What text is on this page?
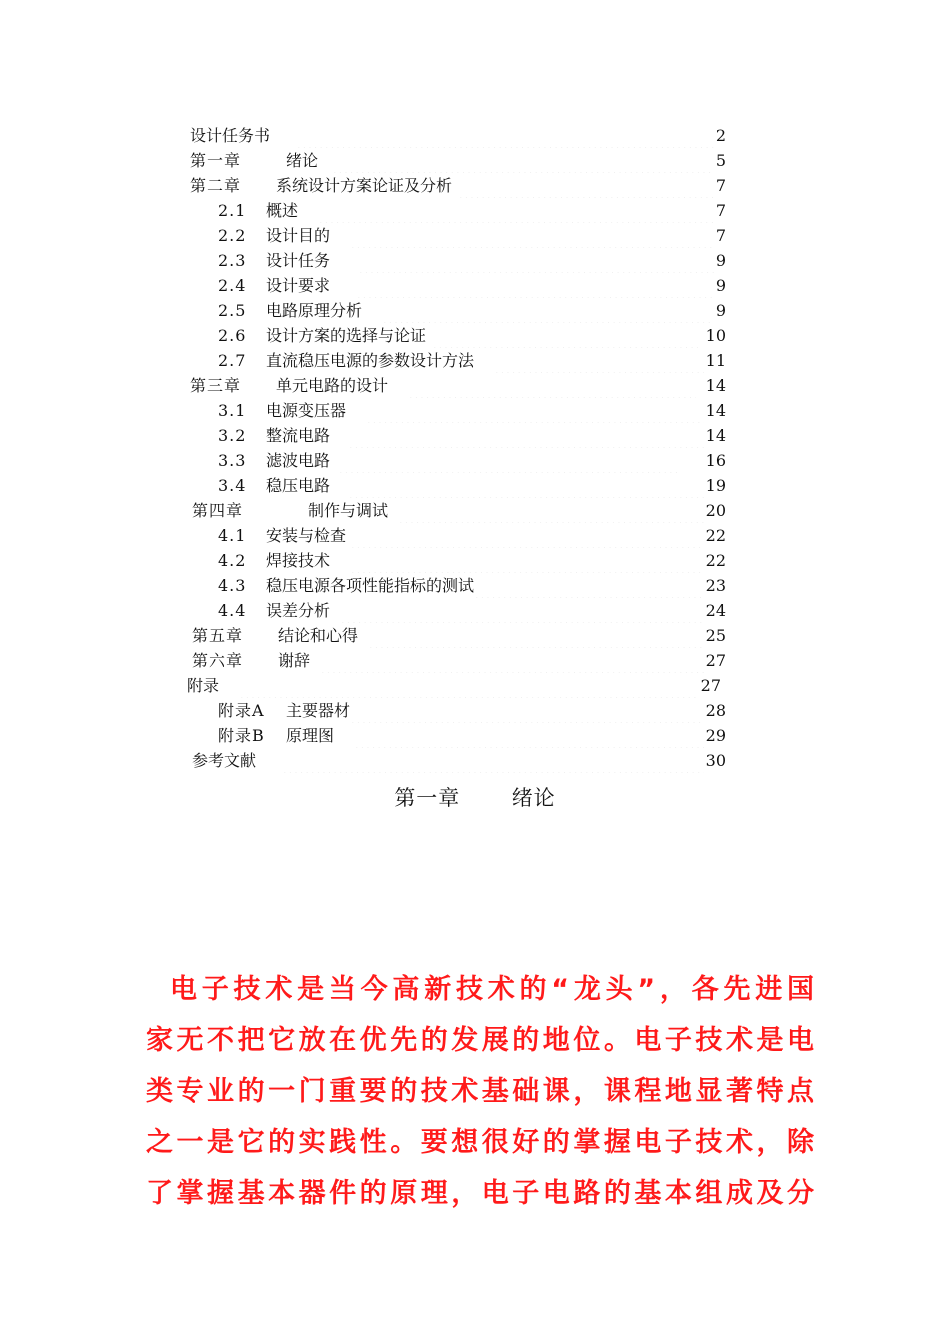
设计任务书	2
第一章	绪论	5
第二章	系统设计方案论证及分析	7
2.1	概述	7
2.2	设计目的	7
2.3	设计任务	9
2.4	设计要求	9
2.5	电路原理分析	9
2.6	设计方案的选择与论证	10
2.7	直流稳压电源的参数设计方法	11
第三章	单元电路的设计	14
3.1	电源变压器	14
3.2	整流电路	14
3.3	滤波电路	16
3.4	稳压电路	19
第四章	制作与调试	20
4.1	安装与检查	22
4.2	焊接技术	22
4.3	稳压电源各项性能指标的测试	23
4.4	误差分析	24
第五章	结论和心得	25
第六章	谢辞	27
附录	27
附录A	主要器材	28
附录B	原理图	29
参考文献	30
第一章 绪论
电子技术是当今高新技术的“龙头”，各先进国
家无不把它放在优先的发展的地位。电子技术是电
类专业的一门重要的技术基础课，课程地显著特点
之一是它的实践性。要想很好的掌握电子技术，除
了掌握基本器件的原理，电子电路的基本组成及分
